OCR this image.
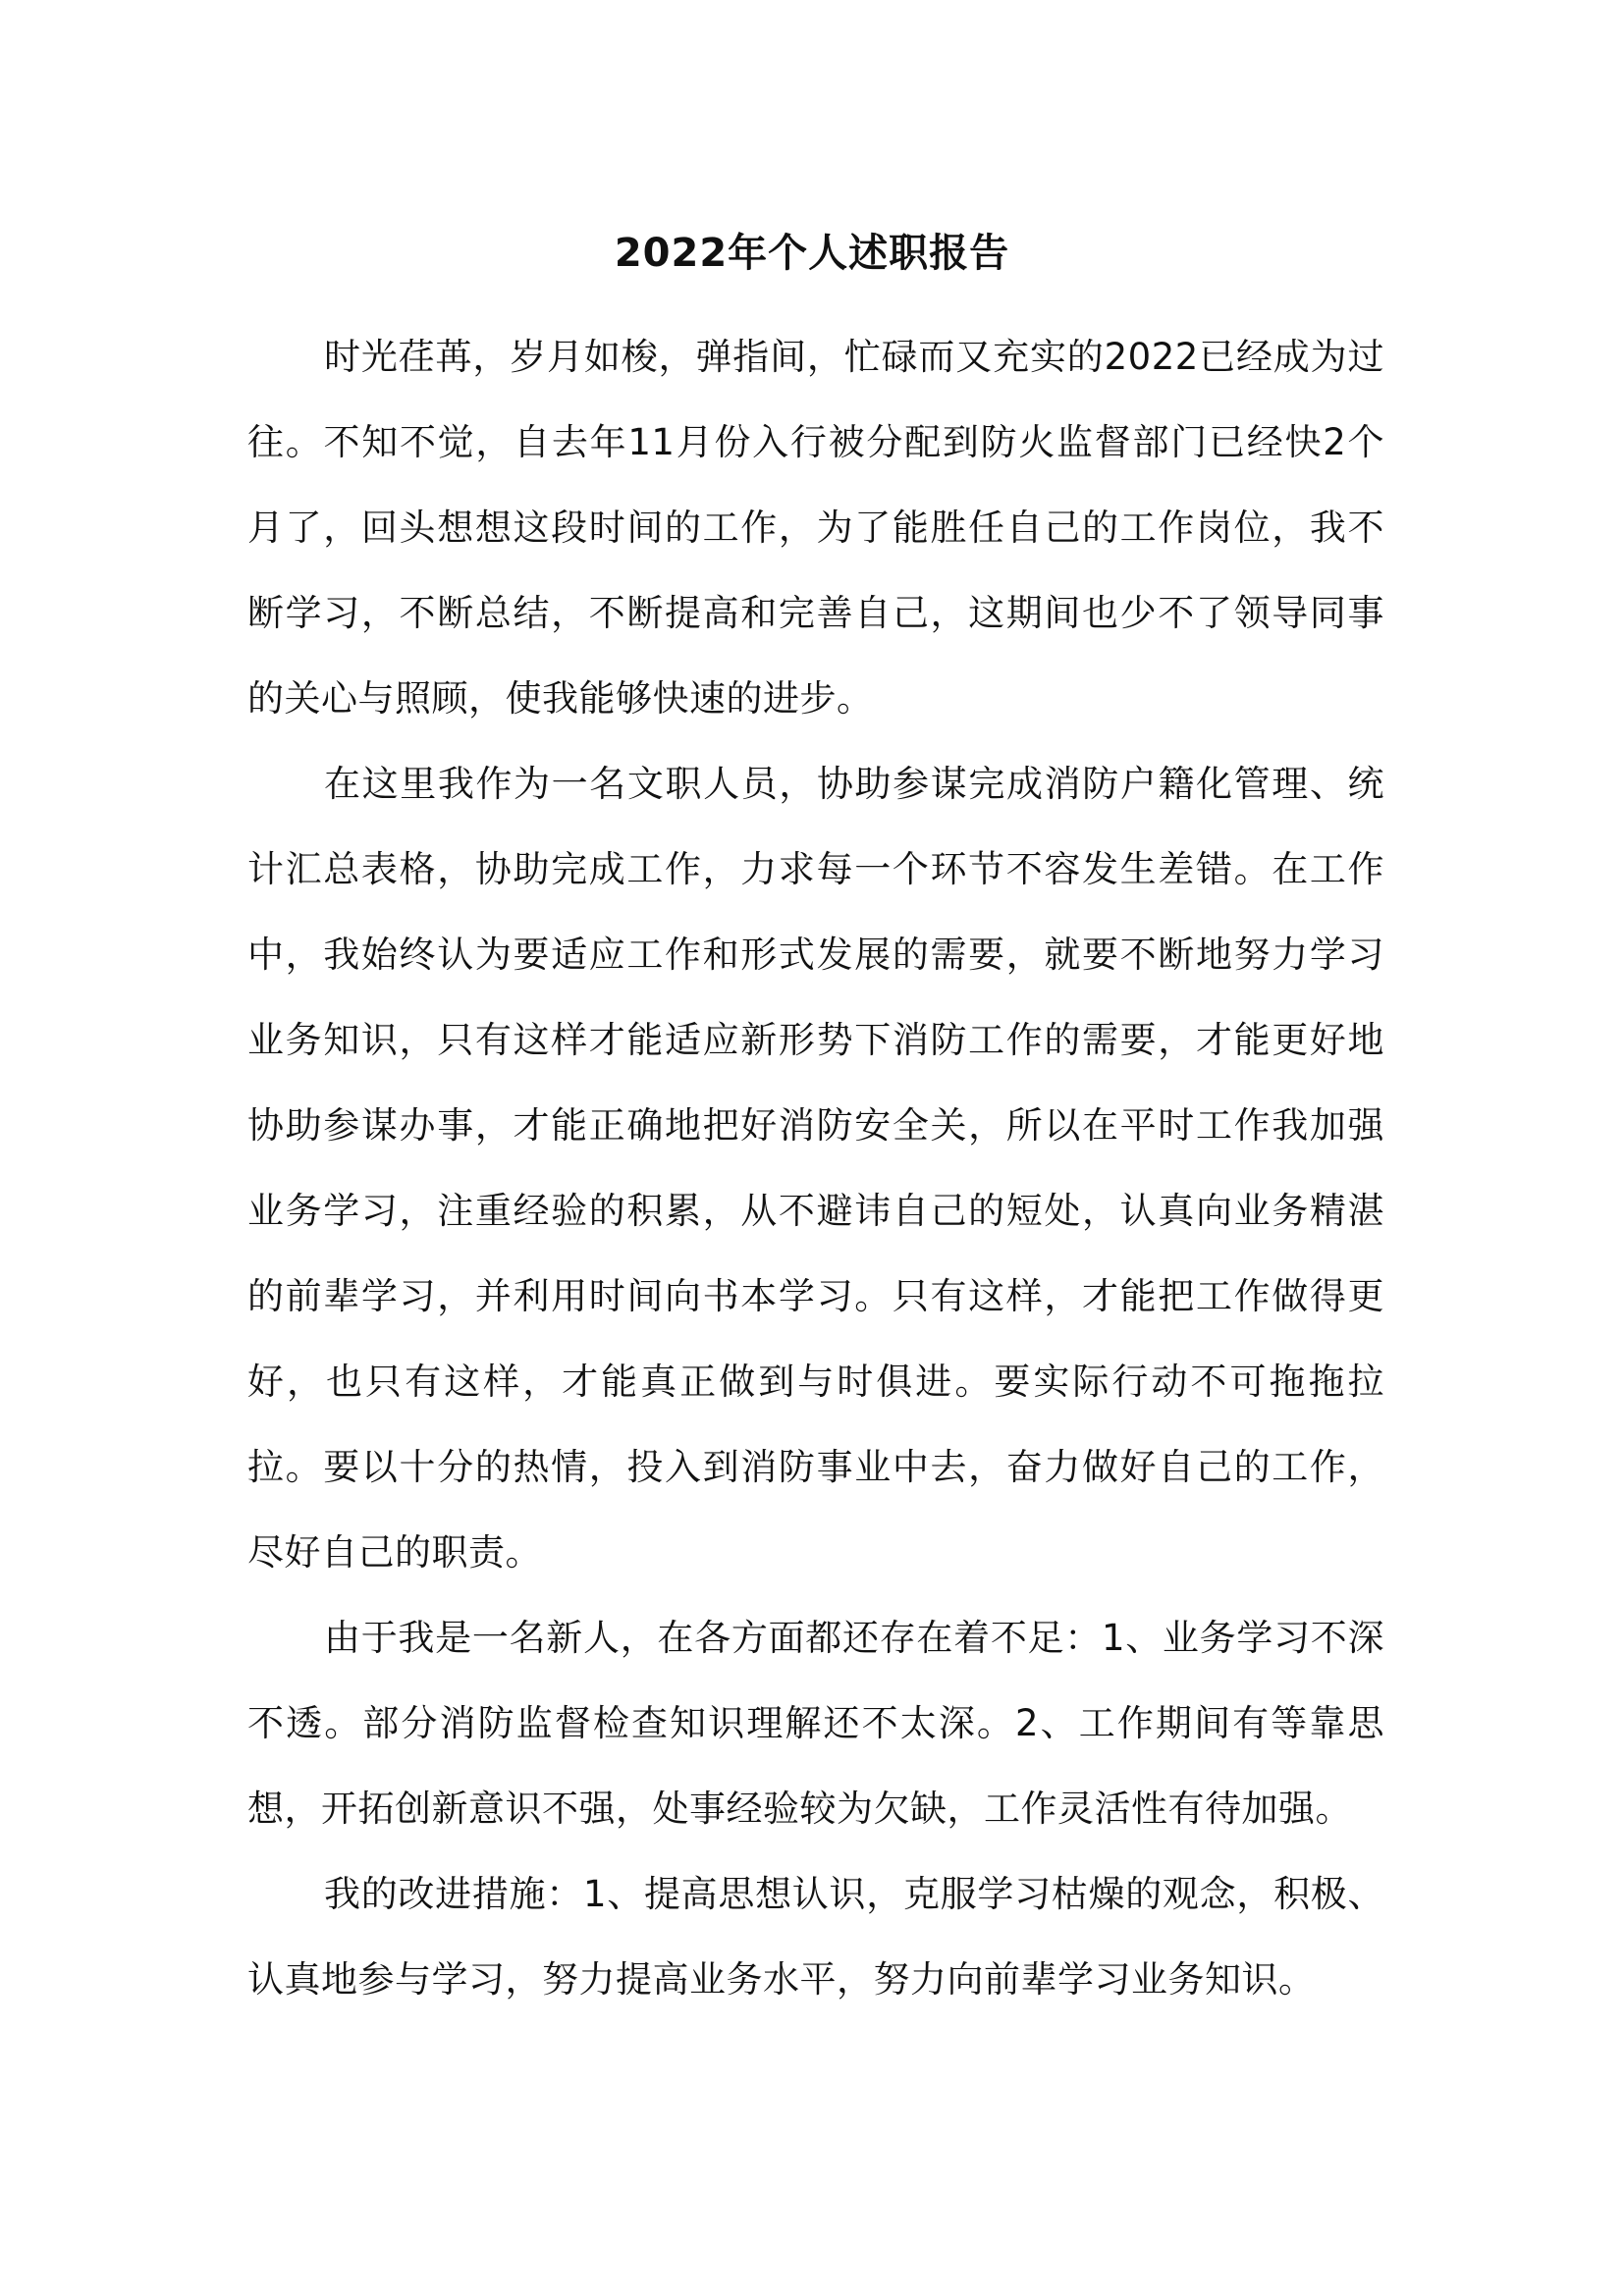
2022年个人述职报告

时光荏苒，岁月如梭，弹指间，忙碌而又充实的2022已经成为过往。不知不觉，自去年11月份入行被分配到防火监督部门已经快2个月了，回头想想这段时间的工作，为了能胜任自己的工作岗位，我不断学习，不断总结，不断提高和完善自己，这期间也少不了领导同事的关心与照顾，使我能够快速的进步。

在这里我作为一名文职人员，协助参谋完成消防户籍化管理、统计汇总表格，协助完成工作，力求每一个环节不容发生差错。在工作中，我始终认为要适应工作和形式发展的需要，就要不断地努力学习业务知识，只有这样才能适应新形势下消防工作的需要，才能更好地协助参谋办事，才能正确地把好消防安全关，所以在平时工作我加强业务学习，注重经验的积累，从不避讳自己的短处，认真向业务精湛的前辈学习，并利用时间向书本学习。只有这样，才能把工作做得更好，也只有这样，才能真正做到与时俱进。要实际行动不可拖拖拉拉。要以十分的热情，投入到消防事业中去，奋力做好自己的工作，尽好自己的职责。

由于我是一名新人，在各方面都还存在着不足：1、业务学习不深不透。部分消防监督检查知识理解还不太深。2、工作期间有等靠思想，开拓创新意识不强，处事经验较为欠缺，工作灵活性有待加强。

我的改进措施：1、提高思想认识，克服学习枯燥的观念，积极、认真地参与学习，努力提高业务水平，努力向前辈学习业务知识。
